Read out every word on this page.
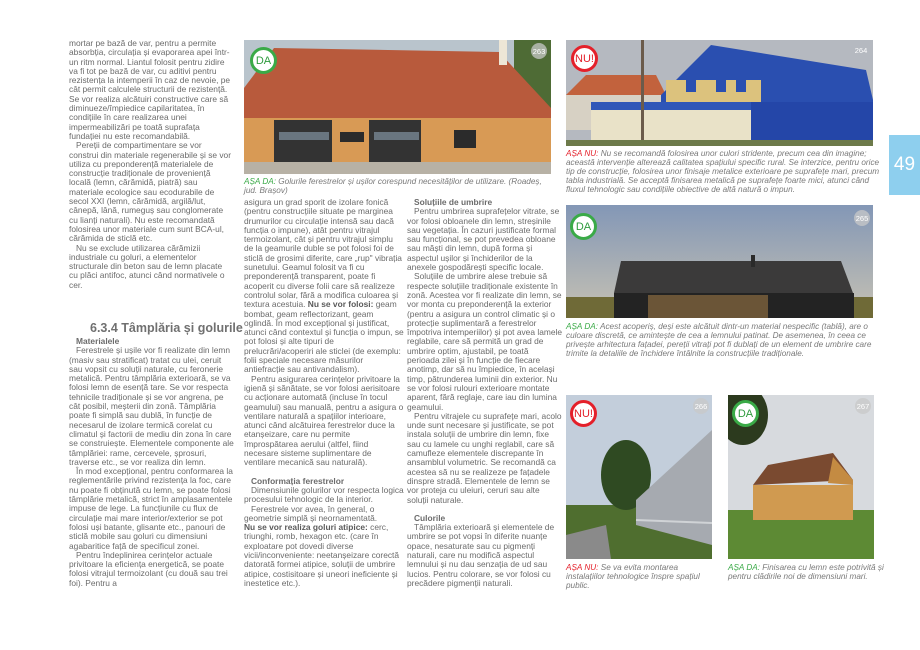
mortar pe bază de var, pentru a permite absorbția, circulația și evaporarea apei într-un ritm normal. Liantul folosit pentru zidire va fi tot pe bază de var, cu aditivi pentru rezistența la intemperii în caz de nevoie, pe cât permit calculele structurii de rezistență. Se vor realiza alcătuiri constructive care să diminueze/împiedice capilaritatea, în condițiile în care realizarea unei impermeabilizări pe toată suprafața fundației nu este recomandabilă.

Pereții de compartimentare se vor construi din materiale regenerabile și se vor utiliza cu preponderență materialele de construcție tradiționale de proveniență locală (lemn, cărămidă, piatră) sau materiale ecologice sau ecodurabile de secol XXI (lemn, cărămidă, argilă/lut, cânepă, lână, rumeguș sau conglomerate cu lianți naturali). Nu este recomandată folosirea unor materiale cum sunt BCA-ul, cărămida de sticlă etc.

Nu se exclude utilizarea cărămizii industriale cu goluri, a elementelor structurale din beton sau de lemn placate cu plăci antifoc, atunci când normativele o cer.

6.3.4 Tâmplăria și golurile

Materialele

Ferestrele și ușile vor fi realizate din lemn (masiv sau stratificat) tratat cu ulei, ceruit sau vopsit cu soluții naturale, cu feronerie metalică. Pentru tâmplăria exterioară, se va folosi lemn de esență tare. Se vor respecta tehnicile tradiționale și se vor angrena, pe cât posibil, meșterii din zonă. Tâmplăria poate fi simplă sau dublă, în funcție de necesarul de izolare termică corelat cu climatul și factorii de mediu din zona în care se construiește. Elementele componente ale tâmplăriei: rame, cercevele, șprosuri, traverse etc., se vor realiza din lemn.

În mod excepțional, pentru conformarea la reglementările privind rezistența la foc, care nu poate fi obținută cu lemn, se poate folosi tâmplărie metalică, strict în amplasamentele impuse de lege. La funcțiunile cu flux de circulație mai mare interior/exterior se pot folosi uși batante, glisante etc., panouri de sticlă mobile sau goluri cu dimensiuni agabaritice față de specificul zonei.

Pentru îndeplinirea cerințelor actuale privitoare la eficiența energetică, se poate folosi vitrajul termoizolant (cu două sau trei foi). Pentru a

DA
263
AȘA DA: Golurile ferestrelor și ușilor corespund necesităților de utilizare. (Roadeș, jud. Brașov)

asigura un grad sporit de izolare fonică (pentru construcțiile situate pe marginea drumurilor cu circulație intensă sau dacă funcția o impune), atât pentru vitrajul termoizolant, cât și pentru vitrajul simplu de la geamurile duble se pot folosi foi de sticlă de grosimi diferite, care „rup" vibrația sunetului. Geamul folosit va fi cu preponderență transparent, poate fi acoperit cu diverse folii care să realizeze controlul solar, fără a modifica culoarea și textura acestuia. Nu se vor folosi: geam bombat, geam reflectorizant, geam oglindă. În mod excepțional și justificat, atunci când contextul și funcția o impun, se pot folosi și alte tipuri de prelucrări/acoperiri ale sticlei (de exemplu: folii speciale necesare măsurilor antiefracție sau antivandalism).

Pentru asigurarea cerințelor privitoare la igienă și sănătate, se vor folosi aerisitoare cu acționare automată (incluse în tocul geamului) sau manuală, pentru a asigura o ventilare naturală a spațiilor interioare, atunci când alcătuirea ferestrelor duce la etanșeizare, care nu permite împrospătarea aerului (altfel, fiind necesare sisteme suplimentare de ventilare mecanică sau naturală).

Conformația ferestrelor

Dimensiunile golurilor vor respecta logica procesului tehnologic de la interior.

Ferestrele vor avea, în general, o geometrie simplă și neornamentată.

Nu se vor realiza goluri atipice: cerc, triunghi, romb, hexagon etc. (care în exploatare pot dovedi diverse vicii/inconveniente: neetanșeizare corectă datorată formei atipice, soluții de umbrire atipice, costisitoare și uneori ineficiente și inestetice etc.).

Soluțiile de umbrire

Pentru umbrirea suprafețelor vitrate, se vor folosi obloanele din lemn, streșinile sau vegetația. În cazuri justificate formal sau funcțional, se pot prevedea obloane sau măști din lemn, după forma și aspectul ușilor și închiderilor de la anexele gospodărești specific locale.

Soluțiile de umbrire alese trebuie să respecte soluțiile tradiționale existente în zonă. Acestea vor fi realizate din lemn, se vor monta cu preponderență la exterior (pentru a asigura un control climatic și o protecție suplimentară a ferestrelor împotriva intemperiilor) și pot avea lamele reglabile, care să permită un grad de umbrire optim, ajustabil, pe toată perioada zilei și în funcție de fiecare anotimp, dar să nu împiedice, în același timp, pătrunderea luminii din exterior. Nu se vor folosi rulouri exterioare montate aparent, fără reglaje, care iau din lumina geamului.

Pentru vitrajele cu suprafețe mari, acolo unde sunt necesare și justificate, se pot instala soluții de umbrire din lemn, fixe sau cu lamele cu unghi reglabil, care să camufleze elementele discrepante în ansamblul volumetric. Se recomandă ca acestea să nu se realizeze pe fațadele dinspre stradă. Elementele de lemn se vor proteja cu uleiuri, ceruri sau alte soluții naturale.

Culorile

Tâmplăria exterioară și elementele de umbrire se pot vopsi în diferite nuanțe opace, nesaturate sau cu pigmenți naturali, care nu modifică aspectul lemnului și nu dau senzația de ud sau lucios. Pentru colorare, se vor folosi cu precădere pigmenții naturali.

NU!
264
AȘA NU: Nu se recomandă folosirea unor culori stridente, precum cea din imagine; această intervenție alterează calitatea spațiului specific rural. Se interzice, pentru orice tip de construcție, folosirea unor finisaje metalice exterioare pe suprafețe mari, precum tabla industrială. Se acceptă finisarea metalică pe suprafețe foarte mici, atunci când fluxul tehnologic sau condițiile obiective de altă natură o impun.
49
DA
265
AȘA DA: Acest acoperiș, deși este alcătuit dintr-un material nespecific (tablă), are o culoare discretă, ce amintește de cea a lemnului patinat. De asemenea, în ceea ce privește arhitectura fațadei, pereții vitrați pot fi dublați de un element de umbrire care trimite la detaliile de închidere întâlnite la construcțiile tradiționale.
NU!
266
AȘA NU: Se va evita montarea instalațiilor tehnologice înspre spațiul public.
DA
267
AȘA DA: Finisarea cu lemn este potrivită și pentru clădirile noi de dimensiuni mari.
